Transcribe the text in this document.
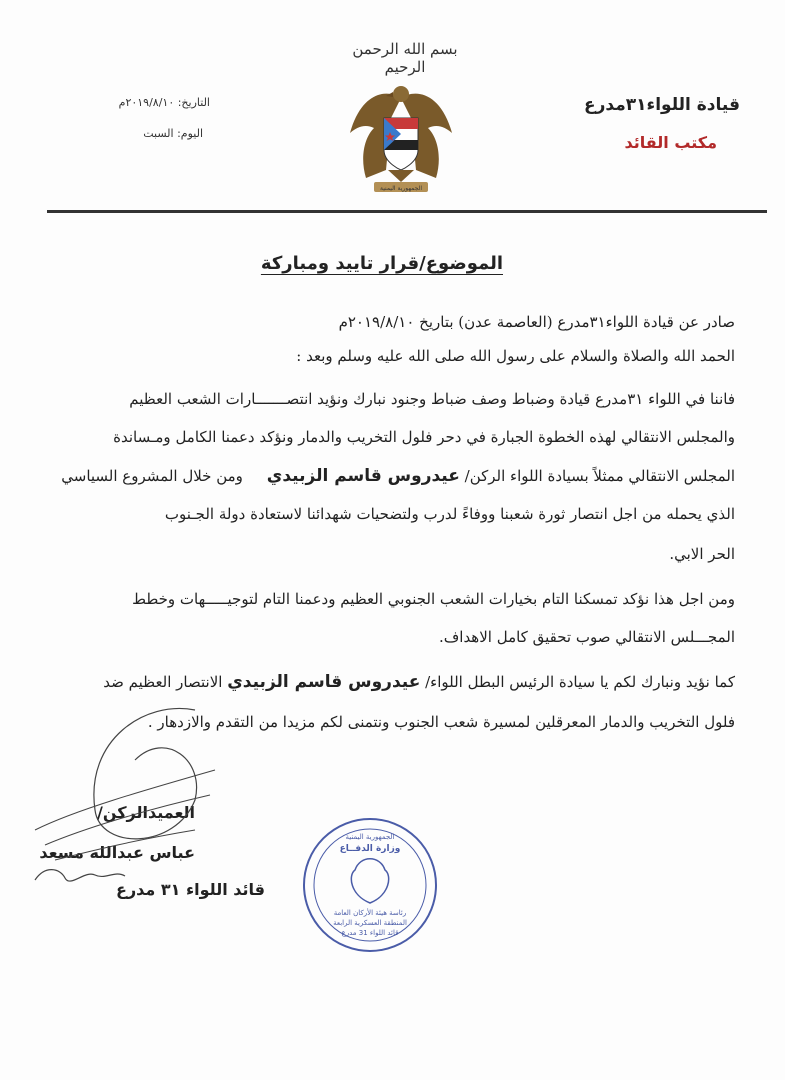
بسم الله الرحمن الرحيم
الجمهورية اليمنية
قيادة اللواء٣١مدرع
مكتب القائد
التاريخ: ٢٠١٩/٨/١٠م
اليوم: السبت
الموضوع/قرار تاييد ومباركة
صادر عن قيادة اللواء٣١مدرع (العاصمة عدن) بتاريخ ٢٠١٩/٨/١٠م
الحمد الله والصلاة والسلام على رسول الله صلى الله عليه وسلم وبعد :
فاننا في اللواء ٣١مدرع قيادة وضباط وصف ضباط وجنود نبارك ونؤيد انتصـــــــارات الشعب العظيم
والمجلس الانتقالي لهذه الخطوة الجبارة في دحر فلول التخريب والدمار ونؤكد دعمنا الكامل ومـساندة
المجلس الانتقالي ممثلاً بسيادة اللواء الركن/ عيدروس قاسم الزبيدي     ومن خلال المشروع السياسي
الذي يحمله من اجل انتصار ثورة شعبنا ووفاءً لدرب ولتضحيات شهدائنا لاستعادة دولة الجـنوب
الحر الابي.
ومن اجل هذا نؤكد تمسكنا التام بخيارات الشعب الجنوبي العظيم ودعمنا التام لتوجيـــــهات وخطط
المجـــلس الانتقالي صوب تحقيق كامل الاهداف.
كما نؤيد ونبارك لكم يا سيادة الرئيس البطل اللواء/ عيدروس قاسم الزبيدي الانتصار العظيم ضد
فلول التخريب والدمار المعرقلين لمسيرة شعب الجنوب ونتمنى لكم مزيدا من التقدم والازدهار .
العميدالركن/
عباس عبدالله مسعد
قائد اللواء ٣١ مدرع
الجمهورية اليمنية
وزارة الدفــاع
رئاسة هيئة الأركان العامة
المنطقة العسكرية الرابعة
قائد اللواء 31 مدرع
